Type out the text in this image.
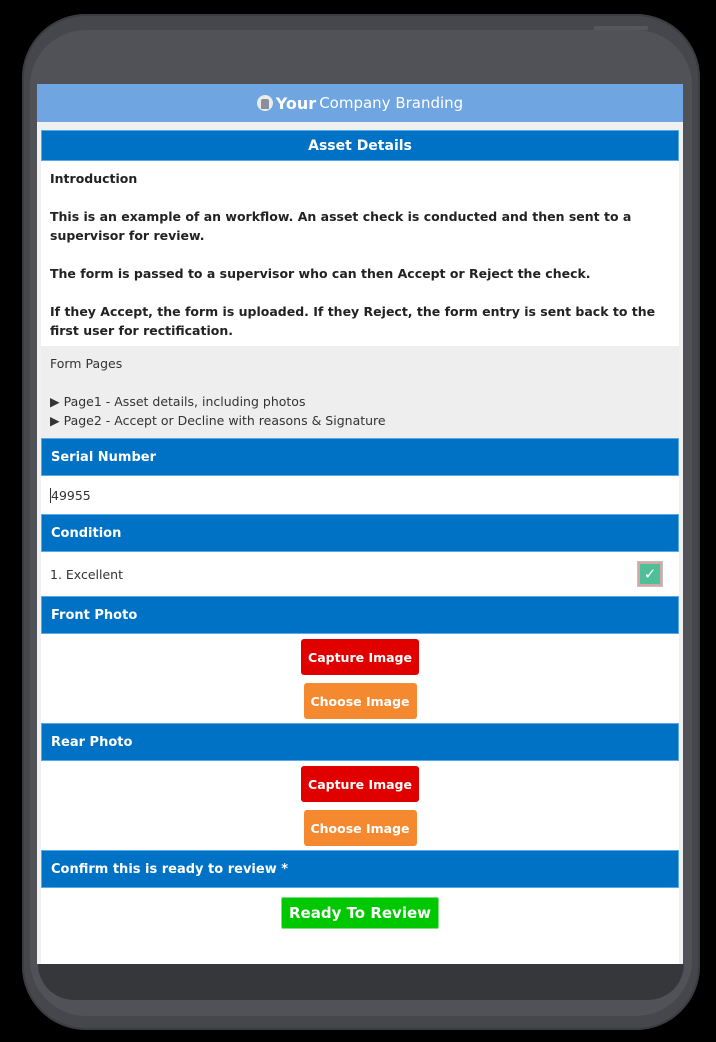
Your Company Branding
Asset Details

Introduction

This is an example of an workflow. An asset check is conducted and then sent to a supervisor for review.

The form is passed to a supervisor who can then Accept or Reject the check.

If they Accept, the form is uploaded. If they Reject, the form entry is sent back to the first user for rectification.

Form Pages
▶ Page1 - Asset details, including photos
▶ Page2 - Accept or Decline with reasons & Signature
Serial Number
49955
Condition
1. Excellent	✓
Front Photo
Capture Image
Choose Image
Rear Photo
Capture Image
Choose Image
Confirm this is ready to review *
Ready To Review
